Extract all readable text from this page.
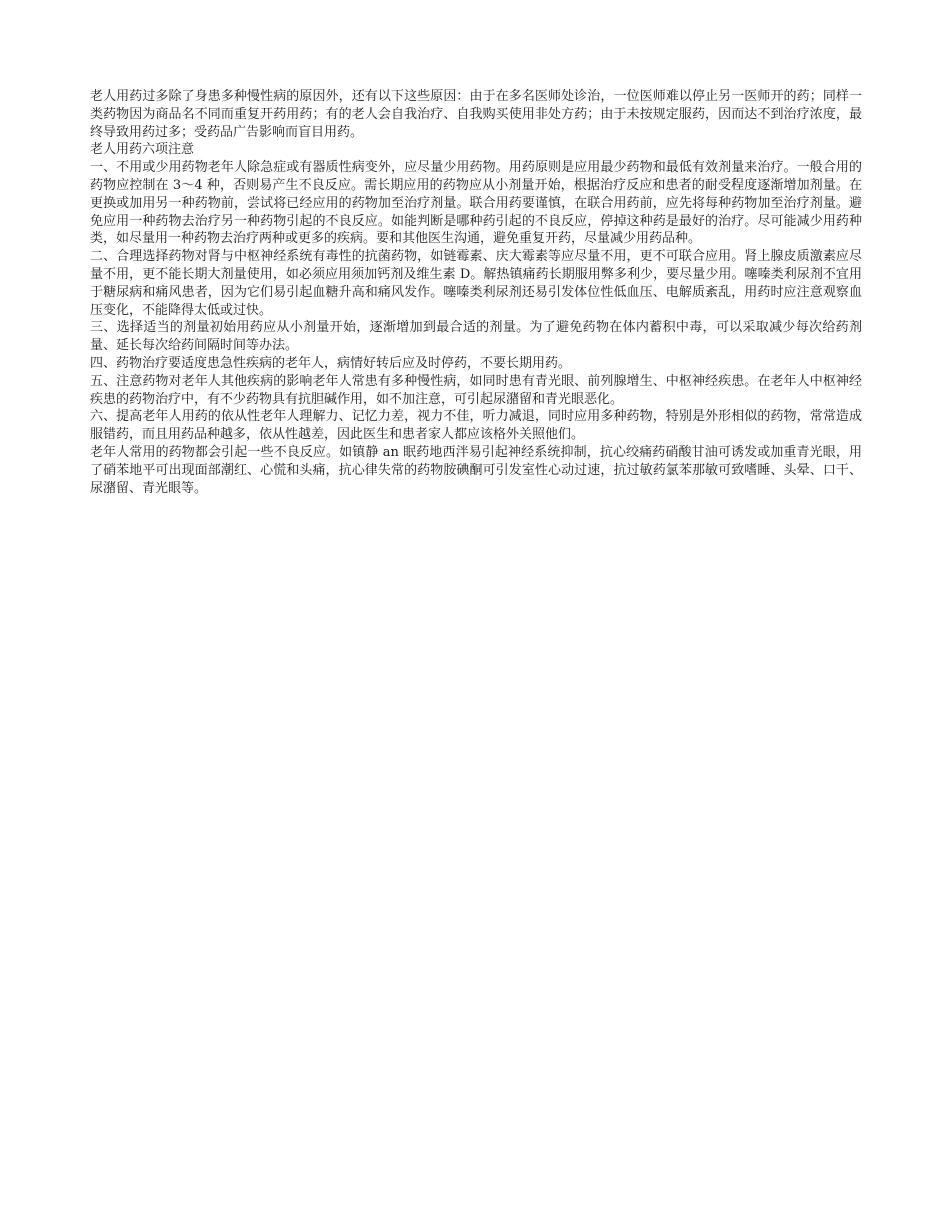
老人用药过多除了身患多种慢性病的原因外，还有以下这些原因：由于在多名医师处诊治，一位医师难以停止另一医师开的药；同样一类药物因为商品名不同而重复开药用药；有的老人会自我治疗、自我购买使用非处方药；由于未按规定服药，因而达不到治疗浓度，最终导致用药过多；受药品广告影响而盲目用药。

老人用药六项注意

一、不用或少用药物老年人除急症或有器质性病变外，应尽量少用药物。用药原则是应用最少药物和最低有效剂量来治疗。一般合用的药物应控制在 3～4 种，否则易产生不良反应。需长期应用的药物应从小剂量开始，根据治疗反应和患者的耐受程度逐渐增加剂量。在更换或加用另一种药物前，尝试将已经应用的药物加至治疗剂量。联合用药要谨慎，在联合用药前，应先将每种药物加至治疗剂量。避免应用一种药物去治疗另一种药物引起的不良反应。如能判断是哪种药引起的不良反应，停掉这种药是最好的治疗。尽可能减少用药种类，如尽量用一种药物去治疗两种或更多的疾病。要和其他医生沟通，避免重复开药，尽量减少用药品种。

二、合理选择药物对肾与中枢神经系统有毒性的抗菌药物，如链霉素、庆大霉素等应尽量不用，更不可联合应用。肾上腺皮质激素应尽量不用，更不能长期大剂量使用，如必须应用须加钙剂及维生素 D。解热镇痛药长期服用弊多利少，要尽量少用。噻嗪类利尿剂不宜用于糖尿病和痛风患者，因为它们易引起血糖升高和痛风发作。噻嗪类利尿剂还易引发体位性低血压、电解质紊乱，用药时应注意观察血压变化，不能降得太低或过快。

三、选择适当的剂量初始用药应从小剂量开始，逐渐增加到最合适的剂量。为了避免药物在体内蓄积中毒，可以采取减少每次给药剂量、延长每次给药间隔时间等办法。

四、药物治疗要适度患急性疾病的老年人，病情好转后应及时停药，不要长期用药。

五、注意药物对老年人其他疾病的影响老年人常患有多种慢性病，如同时患有青光眼、前列腺增生、中枢神经疾患。在老年人中枢神经疾患的药物治疗中，有不少药物具有抗胆碱作用，如不加注意，可引起尿潴留和青光眼恶化。

六、提高老年人用药的依从性老年人理解力、记忆力差，视力不佳，听力减退，同时应用多种药物，特别是外形相似的药物，常常造成服错药，而且用药品种越多，依从性越差，因此医生和患者家人都应该格外关照他们。

老年人常用的药物都会引起一些不良反应。如镇静 an 眠药地西泮易引起神经系统抑制，抗心绞痛药硝酸甘油可诱发或加重青光眼，用了硝苯地平可出现面部潮红、心慌和头痛，抗心律失常的药物胺碘酮可引发室性心动过速，抗过敏药氯苯那敏可致嗜睡、头晕、口干、尿潴留、青光眼等。
